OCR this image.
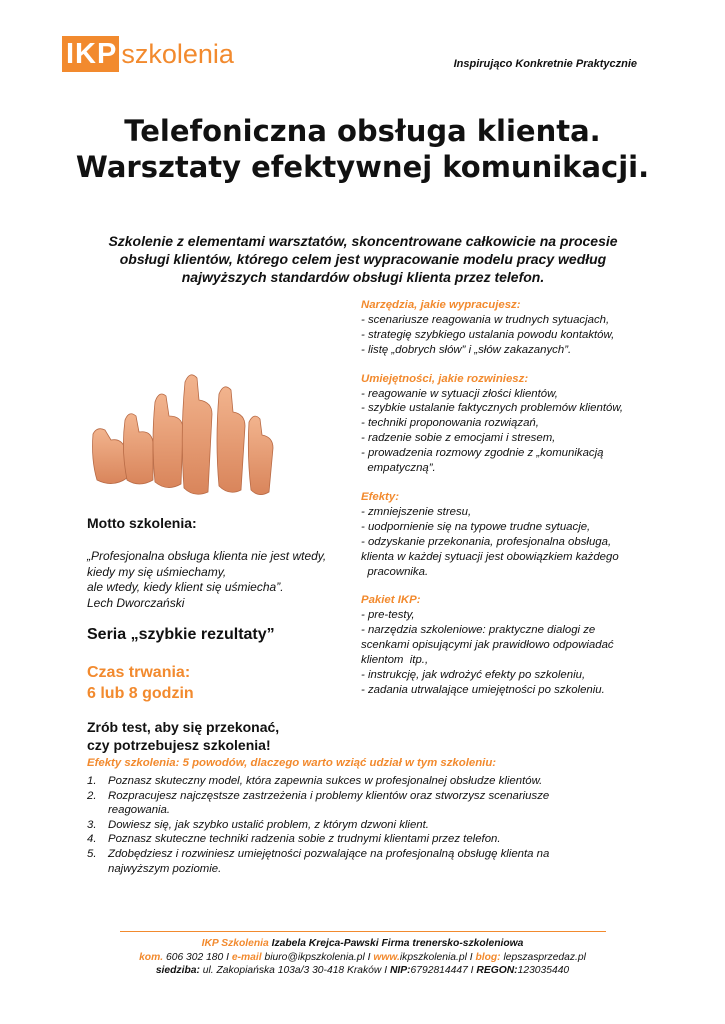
IKP szkolenia	Inspirująco Konkretnie Praktycznie
Telefoniczna obsługa klienta.
Warsztaty efektywnej komunikacji.
Szkolenie z elementami warsztatów, skoncentrowane całkowicie na procesie
obsługi klientów, którego celem jest wypracowanie modelu pracy według
najwyższych standardów obsługi klienta przez telefon.
Narzędzia, jakie wypracujesz:
- scenariusze reagowania w trudnych sytuacjach,
- strategię szybkiego ustalania powodu kontaktów,
- listę „dobrych słów” i „słów zakazanych”.
Umiejętności, jakie rozwiniesz:
- reagowanie w sytuacji złości klientów,
- szybkie ustalanie faktycznych problemów klientów,
- techniki proponowania rozwiązań,
- radzenie sobie z emocjami i stresem,
- prowadzenia rozmowy zgodnie z „komunikacją
empatyczną”.
Efekty:
- zmniejszenie stresu,
- uodpornienie się na typowe trudne sytuacje,
- odzyskanie przekonania, profesjonalna obsługa,
klienta w każdej sytuacji jest obowiązkiem każdego
pracownika.
Pakiet IKP:
- pre-testy,
- narzędzia szkoleniowe: praktyczne dialogi ze
scenkami opisującymi jak prawidłowo odpowiadać
klientom  itp.,
- instrukcję, jak wdrożyć efekty po szkoleniu,
- zadania utrwalające umiejętności po szkoleniu.
Motto szkolenia:
„Profesjonalna obsługa klienta nie jest wtedy,
kiedy my się uśmiechamy,
ale wtedy, kiedy klient się uśmiecha”.
Lech Dworczański
Seria „szybkie rezultaty”
Czas trwania:
6 lub 8 godzin
Zrób test, aby się przekonać,
czy potrzebujesz szkolenia!
Efekty szkolenia: 5 powodów, dlaczego warto wziąć udział w tym szkoleniu:
1.	Poznasz skuteczny model, która zapewnia sukces w profesjonalnej obsłudze klientów.
2.	Rozpracujesz najczęstsze zastrzeżenia i problemy klientów oraz stworzysz scenariusze
reagowania.
3.	Dowiesz się, jak szybko ustalić problem, z którym dzwoni klient.
4.	Poznasz skuteczne techniki radzenia sobie z trudnymi klientami przez telefon.
5.	Zdobędziesz i rozwiniesz umiejętności pozwalające na profesjonalną obsługę klienta na
najwyższym poziomie.
IKP Szkolenia Izabela Krejca-Pawski Firma trenersko-szkoleniowa
kom. 606 302 180 I e-mail biuro@ikpszkolenia.pl I www.ikpszkolenia.pl I blog: lepszasprzedaz.pl
siedziba: ul. Zakopiańska 103a/3 30-418 Kraków I NIP:6792814447 I REGON:123035440
